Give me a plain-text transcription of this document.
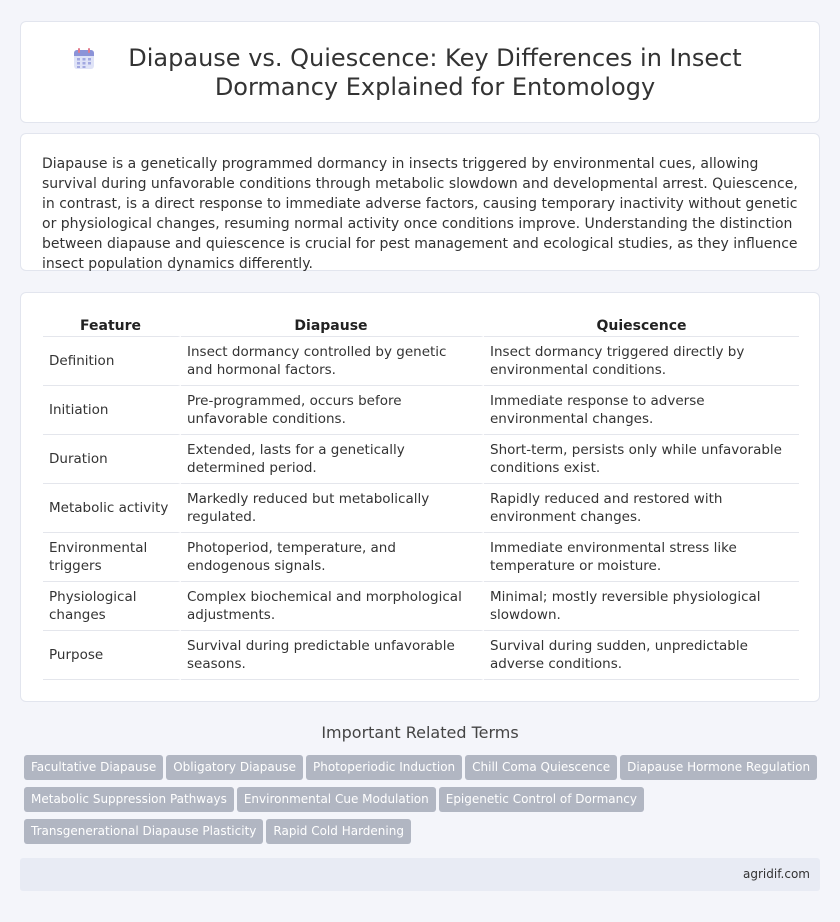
Diapause vs. Quiescence: Key Differences in Insect Dormancy Explained for Entomology

Diapause is a genetically programmed dormancy in insects triggered by environmental cues, allowing survival during unfavorable conditions through metabolic slowdown and developmental arrest. Quiescence, in contrast, is a direct response to immediate adverse factors, causing temporary inactivity without genetic or physiological changes, resuming normal activity once conditions improve. Understanding the distinction between diapause and quiescence is crucial for pest management and ecological studies, as they influence insect population dynamics differently.

Feature	Diapause	Quiescence
Definition	Insect dormancy controlled by genetic and hormonal factors.	Insect dormancy triggered directly by environmental conditions.
Initiation	Pre-programmed, occurs before unfavorable conditions.	Immediate response to adverse environmental changes.
Duration	Extended, lasts for a genetically determined period.	Short-term, persists only while unfavorable conditions exist.
Metabolic activity	Markedly reduced but metabolically regulated.	Rapidly reduced and restored with environment changes.
Environmental triggers	Photoperiod, temperature, and endogenous signals.	Immediate environmental stress like temperature or moisture.
Physiological changes	Complex biochemical and morphological adjustments.	Minimal; mostly reversible physiological slowdown.
Purpose	Survival during predictable unfavorable seasons.	Survival during sudden, unpredictable adverse conditions.
Important Related Terms
Facultative Diapause Obligatory Diapause Photoperiodic Induction Chill Coma Quiescence Diapause Hormone RegulationMetabolic Suppression Pathways Environmental Cue Modulation Epigenetic Control of DormancyTransgenerational Diapause Plasticity Rapid Cold Hardening
agridif.com
